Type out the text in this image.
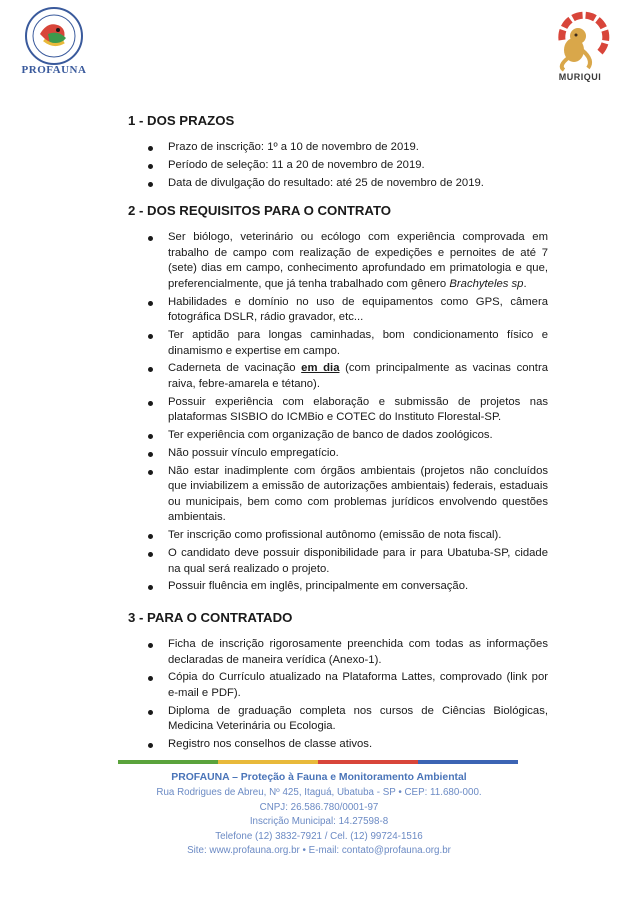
PROFAUNA
MURIQUI
1 - DOS PRAZOS
Prazo de inscrição: 1º a 10 de novembro de 2019.
Período de seleção: 11 a 20 de novembro de 2019.
Data de divulgação do resultado: até 25 de novembro de 2019.
2 - DOS REQUISITOS PARA O CONTRATO
Ser biólogo, veterinário ou ecólogo com experiência comprovada em trabalho de campo com realização de expedições e pernoites de até 7 (sete) dias em campo, conhecimento aprofundado em primatologia e que, preferencialmente, que já tenha trabalhado com gênero Brachyteles sp.
Habilidades e domínio no uso de equipamentos como GPS, câmera fotográfica DSLR, rádio gravador, etc...
Ter aptidão para longas caminhadas, bom condicionamento físico e dinamismo e expertise em campo.
Caderneta de vacinação em dia (com principalmente as vacinas contra raiva, febre-amarela e tétano).
Possuir experiência com elaboração e submissão de projetos nas plataformas SISBIO do ICMBio e COTEC do Instituto Florestal-SP.
Ter experiência com organização de banco de dados zoológicos.
Não possuir vínculo empregatício.
Não estar inadimplente com órgãos ambientais (projetos não concluídos que inviabilizem a emissão de autorizações ambientais) federais, estaduais ou municipais, bem como com problemas jurídicos envolvendo questões ambientais.
Ter inscrição como profissional autônomo (emissão de nota fiscal).
O candidato deve possuir disponibilidade para ir para Ubatuba-SP, cidade na qual será realizado o projeto.
Possuir fluência em inglês, principalmente em conversação.
3 - PARA O CONTRATADO
Ficha de inscrição rigorosamente preenchida com todas as informações declaradas de maneira verídica (Anexo-1).
Cópia do Currículo atualizado na Plataforma Lattes, comprovado (link por e-mail e PDF).
Diploma de graduação completa nos cursos de Ciências Biológicas, Medicina Veterinária ou Ecologia.
Registro nos conselhos de classe ativos.
PROFAUNA – Proteção à Fauna e Monitoramento Ambiental
Rua Rodrigues de Abreu, Nº 425, Itaguá, Ubatuba - SP • CEP: 11.680-000.
CNPJ: 26.586.780/0001-97
Inscrição Municipal: 14.27598-8
Telefone (12) 3832-7921 / Cel. (12) 99724-1516
Site: www.profauna.org.br • E-mail: contato@profauna.org.br
